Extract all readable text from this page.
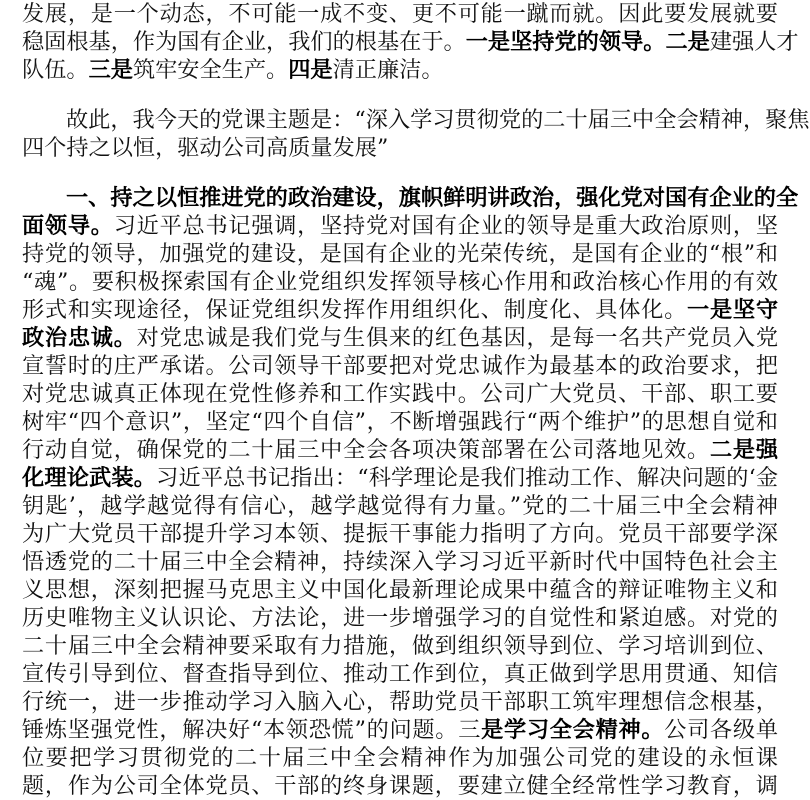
发展，是一个动态，不可能一成不变、更不可能一蹴而就。因此要发展就要
稳固根基，作为国有企业，我们的根基在于。一是坚持党的领导。二是建强人才
队伍。三是筑牢安全生产。四是清正廉洁。
故此，我今天的党课主题是：“深入学习贯彻党的二十届三中全会精神，聚焦
四个持之以恒，驱动公司高质量发展”
一、持之以恒推进党的政治建设，旗帜鲜明讲政治，强化党对国有企业的全
面领导。习近平总书记强调，坚持党对国有企业的领导是重大政治原则，坚
持党的领导，加强党的建设，是国有企业的光荣传统，是国有企业的“根”和
“魂”。要积极探索国有企业党组织发挥领导核心作用和政治核心作用的有效
形式和实现途径，保证党组织发挥作用组织化、制度化、具体化。一是坚守
政治忠诚。对党忠诚是我们党与生俱来的红色基因，是每一名共产党员入党
宣誓时的庄严承诺。公司领导干部要把对党忠诚作为最基本的政治要求，把
对党忠诚真正体现在党性修养和工作实践中。公司广大党员、干部、职工要
树牢“四个意识”，坚定“四个自信”，不断增强践行“两个维护”的思想自觉和
行动自觉，确保党的二十届三中全会各项决策部署在公司落地见效。二是强
化理论武装。习近平总书记指出：“科学理论是我们推动工作、解决问题的‘金
钥匙’，越学越觉得有信心，越学越觉得有力量。”党的二十届三中全会精神
为广大党员干部提升学习本领、提振干事能力指明了方向。党员干部要学深
悟透党的二十届三中全会精神，持续深入学习习近平新时代中国特色社会主
义思想，深刻把握马克思主义中国化最新理论成果中蕴含的辩证唯物主义和
历史唯物主义认识论、方法论，进一步增强学习的自觉性和紧迫感。对党的
二十届三中全会精神要采取有力措施，做到组织领导到位、学习培训到位、
宣传引导到位、督查指导到位、推动工作到位，真正做到学思用贯通、知信
行统一，进一步推动学习入脑入心，帮助党员干部职工筑牢理想信念根基，
锤炼坚强党性，解决好“本领恐慌”的问题。三是学习全会精神。公司各级单
位要把学习贯彻党的二十届三中全会精神作为加强公司党的建设的永恒课
题，作为公司全体党员、干部的终身课题，要建立健全经常性学习教育，调
